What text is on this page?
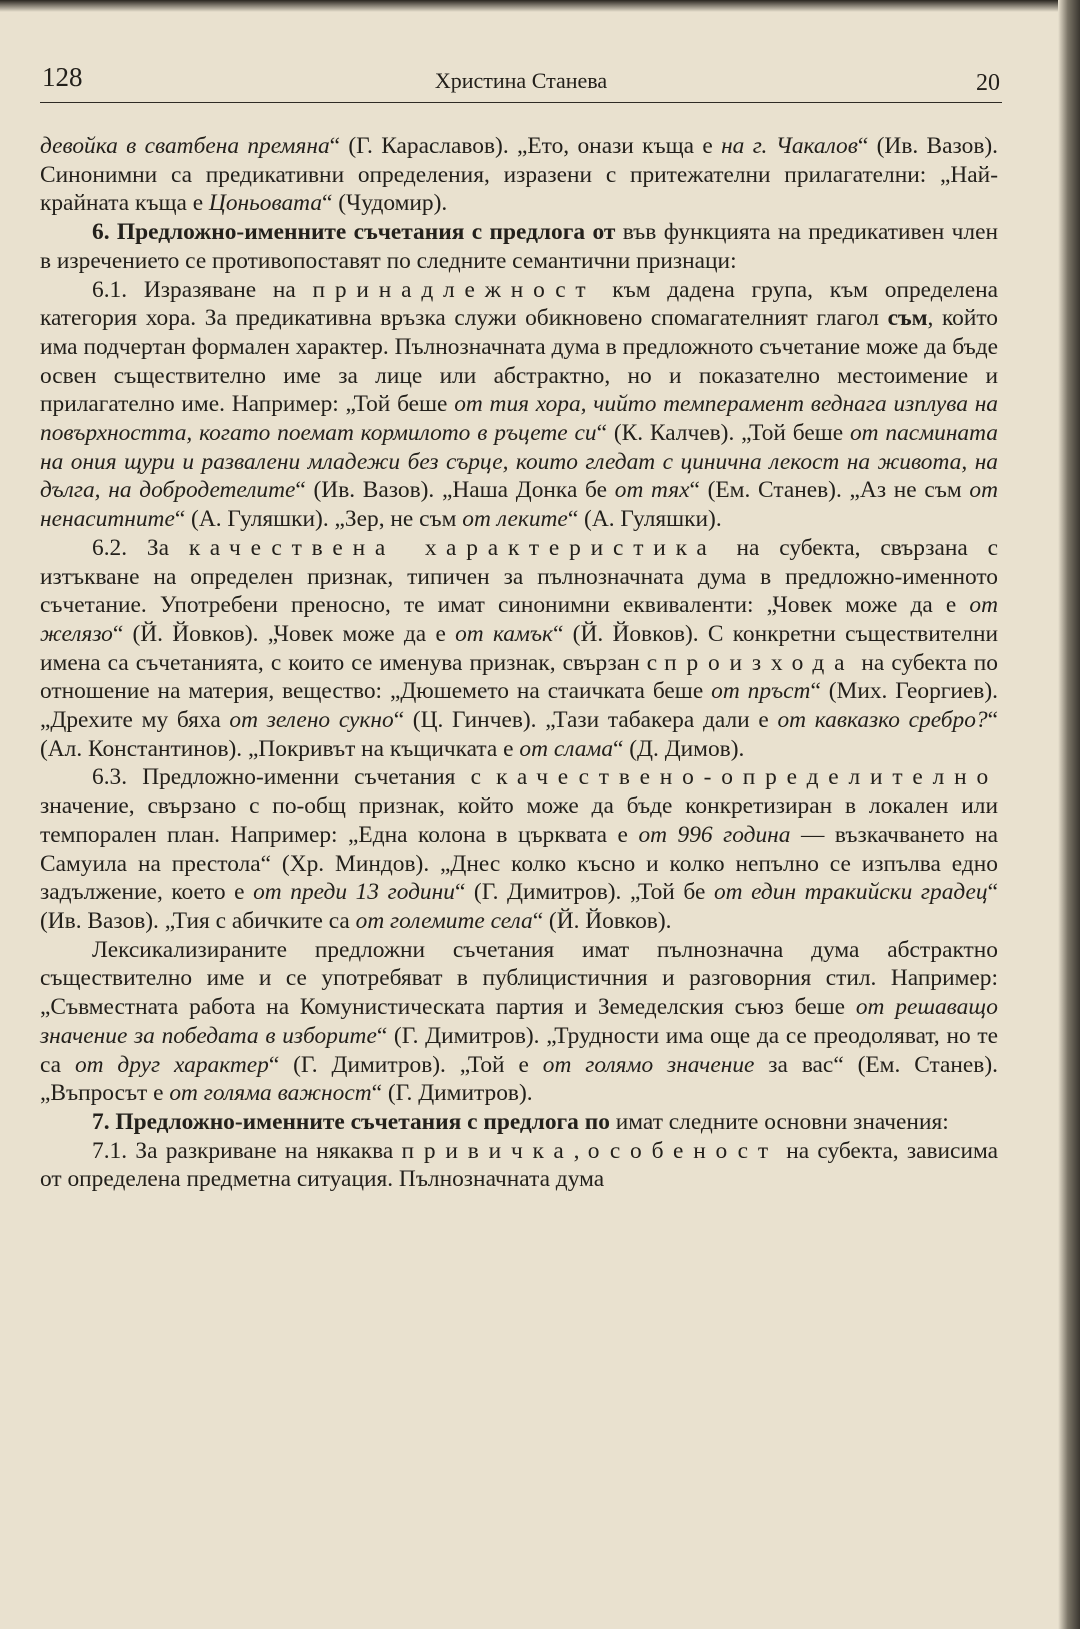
128	Христина Станева	20

девойка в сватбена премяна“ (Г. Караславов). „Ето, онази къща е на г. Чакалов“ (Ив. Вазов). Синонимни са предикативни определения, изразени с притежателни прилагателни: „Най-крайната къща е Цоньовата“ (Чудомир).

6. Предложно-именните съчетания с предлога от във функцията на предикативен член в изречението се противопоставят по следните семантични признаци:

6.1. Изразяване на принадлежност към дадена група, към определена категория хора. За предикативна връзка служи обикновено спомагателният глагол съм, който има подчертан формален характер. Пълнозначната дума в предложното съчетание може да бъде освен съществително име за лице или абстрактно, но и показателно местоимение и прилагателно име. Например: „Той беше от тия хора, чийто темперамент веднага изплува на повърхността, когато поемат кормилото в ръцете си“ (К. Калчев). „Той беше от пасмината на ония щури и развалени младежи без сърце, които гледат с цинична лекост на живота, на дълга, на добродетелите“ (Ив. Вазов). „Наша Донка бе от тях“ (Ем. Станев). „Аз не съм от ненаситните“ (А. Гуляшки). „Зер, не съм от леките“ (А. Гуляшки).

6.2. За качествена характеристика на субекта, свързана с изтъкване на определен признак, типичен за пълнозначната дума в предложно-именното съчетание. Употребени преносно, те имат синонимни еквиваленти: „Човек може да е от желязо“ (Й. Йовков). „Човек може да е от камък“ (Й. Йовков). С конкретни съществителни имена са съчетанията, с които се именува признак, свързан с произхода на субекта по отношение на материя, вещество: „Дюшемето на стаичката беше от пръст“ (Мих. Георгиев). „Дрехите му бяха от зелено сукно“ (Ц. Гинчев). „Тази табакера дали е от кавказко сребро?“ (Ал. Константинов). „Покривът на къщичката е от слама“ (Д. Димов).

6.3. Предложно-именни съчетания с качествено-определително значение, свързано с по-общ признак, който може да бъде конкретизиран в локален или темпорален план. Например: „Една колона в църквата е от 996 година — възкачването на Самуила на престола“ (Хр. Миндов). „Днес колко късно и колко непълно се изпълва едно задължение, което е от преди 13 години“ (Г. Димитров). „Той бе от един тракийски градец“ (Ив. Вазов). „Тия с абичките са от големите села“ (Й. Йовков).

Лексикализираните предложни съчетания имат пълнозначна дума абстрактно съществително име и се употребяват в публицистичния и разговорния стил. Например: „Съвместната работа на Комунистическата партия и Земеделския съюз беше от решаващо значение за победата в изборите“ (Г. Димитров). „Трудности има още да се преодоляват, но те са от друг характер“ (Г. Димитров). „Той е от голямо значение за вас“ (Ем. Станев). „Въпросът е от голяма важност“ (Г. Димитров).

7. Предложно-именните съчетания с предлога по имат следните основни значения:

7.1. За разкриване на някаква привичка, особеност на субекта, зависима от определена предметна ситуация. Пълнозначната дума
